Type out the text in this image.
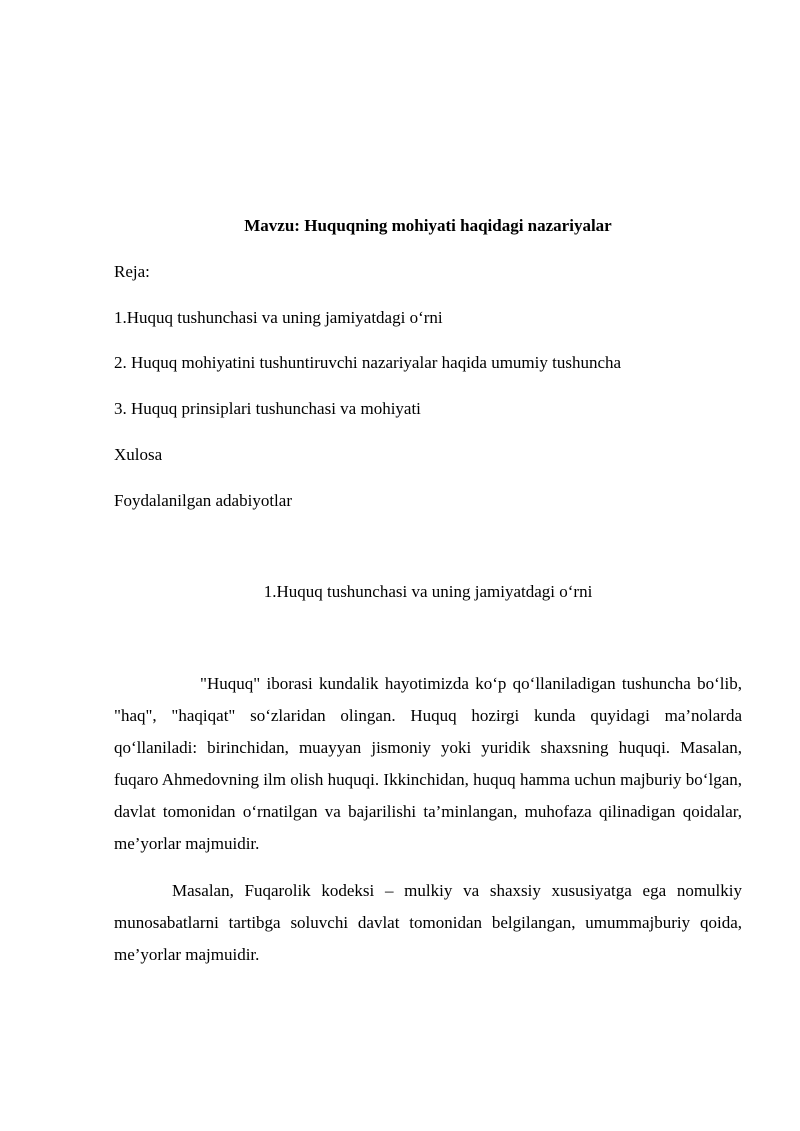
Mavzu: Huquqning mohiyati haqidagi nazariyalar
Reja:
1.Huquq tushunchasi va uning jamiyatdagi o‘rni
2. Huquq mohiyatini tushuntiruvchi nazariyalar haqida umumiy tushuncha
3. Huquq prinsiplari tushunchasi va mohiyati
Xulosa
Foydalanilgan adabiyotlar
1.Huquq tushunchasi va uning jamiyatdagi o‘rni

"Huquq" iborasi kundalik hayotimizda ko‘p qo‘llaniladigan tushuncha bo‘lib, "haq", "haqiqat" so‘zlaridan olingan. Huquq hozirgi kunda quyidagi ma’nolarda qo‘llaniladi: birinchidan, muayyan jismoniy yoki yuridik shaxsning huquqi. Masalan, fuqaro Ahmedovning ilm olish huquqi. Ikkinchidan, huquq hamma uchun majburiy bo‘lgan, davlat tomonidan o‘rnatilgan va bajarilishi ta’minlangan, muhofaza qilinadigan qoidalar, me’yorlar majmuidir.

Masalan, Fuqarolik kodeksi – mulkiy va shaxsiy xususiyatga ega nomulkiy munosabatlarni tartibga soluvchi davlat tomonidan belgilangan, umummajburiy qoida, me’yorlar majmuidir.
